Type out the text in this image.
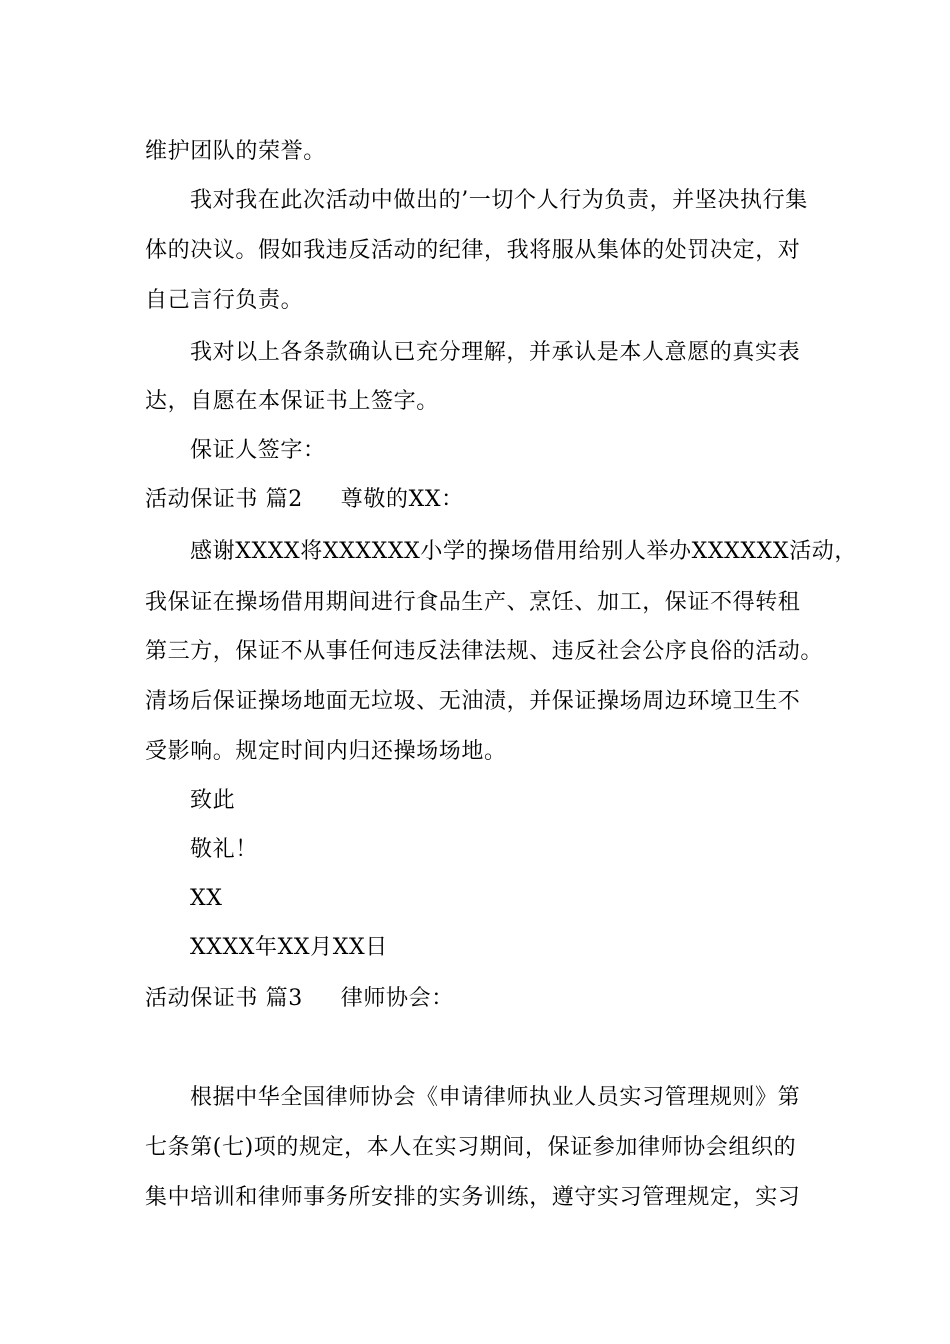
维护团队的荣誉。
我对我在此次活动中做出的’一切个人行为负责，并坚决执行集
体的决议。假如我违反活动的纪律，我将服从集体的处罚决定，对
自己言行负责。
我对以上各条款确认已充分理解，并承认是本人意愿的真实表
达，自愿在本保证书上签字。
保证人签字：
活动保证书 篇2 尊敬的XX：
感谢XXXX将XXXXXX小学的操场借用给别人举办XXXXXX活动，
我保证在操场借用期间进行食品生产、烹饪、加工，保证不得转租
第三方，保证不从事任何违反法律法规、违反社会公序良俗的活动。
清场后保证操场地面无垃圾、无油渍，并保证操场周边环境卫生不
受影响。规定时间内归还操场场地。
致此
敬礼！
XX
XXXX年XX月XX日
活动保证书 篇3 律师协会：
根据中华全国律师协会《申请律师执业人员实习管理规则》第
七条第(七)项的规定，本人在实习期间，保证参加律师协会组织的
集中培训和律师事务所安排的实务训练，遵守实习管理规定，实习
